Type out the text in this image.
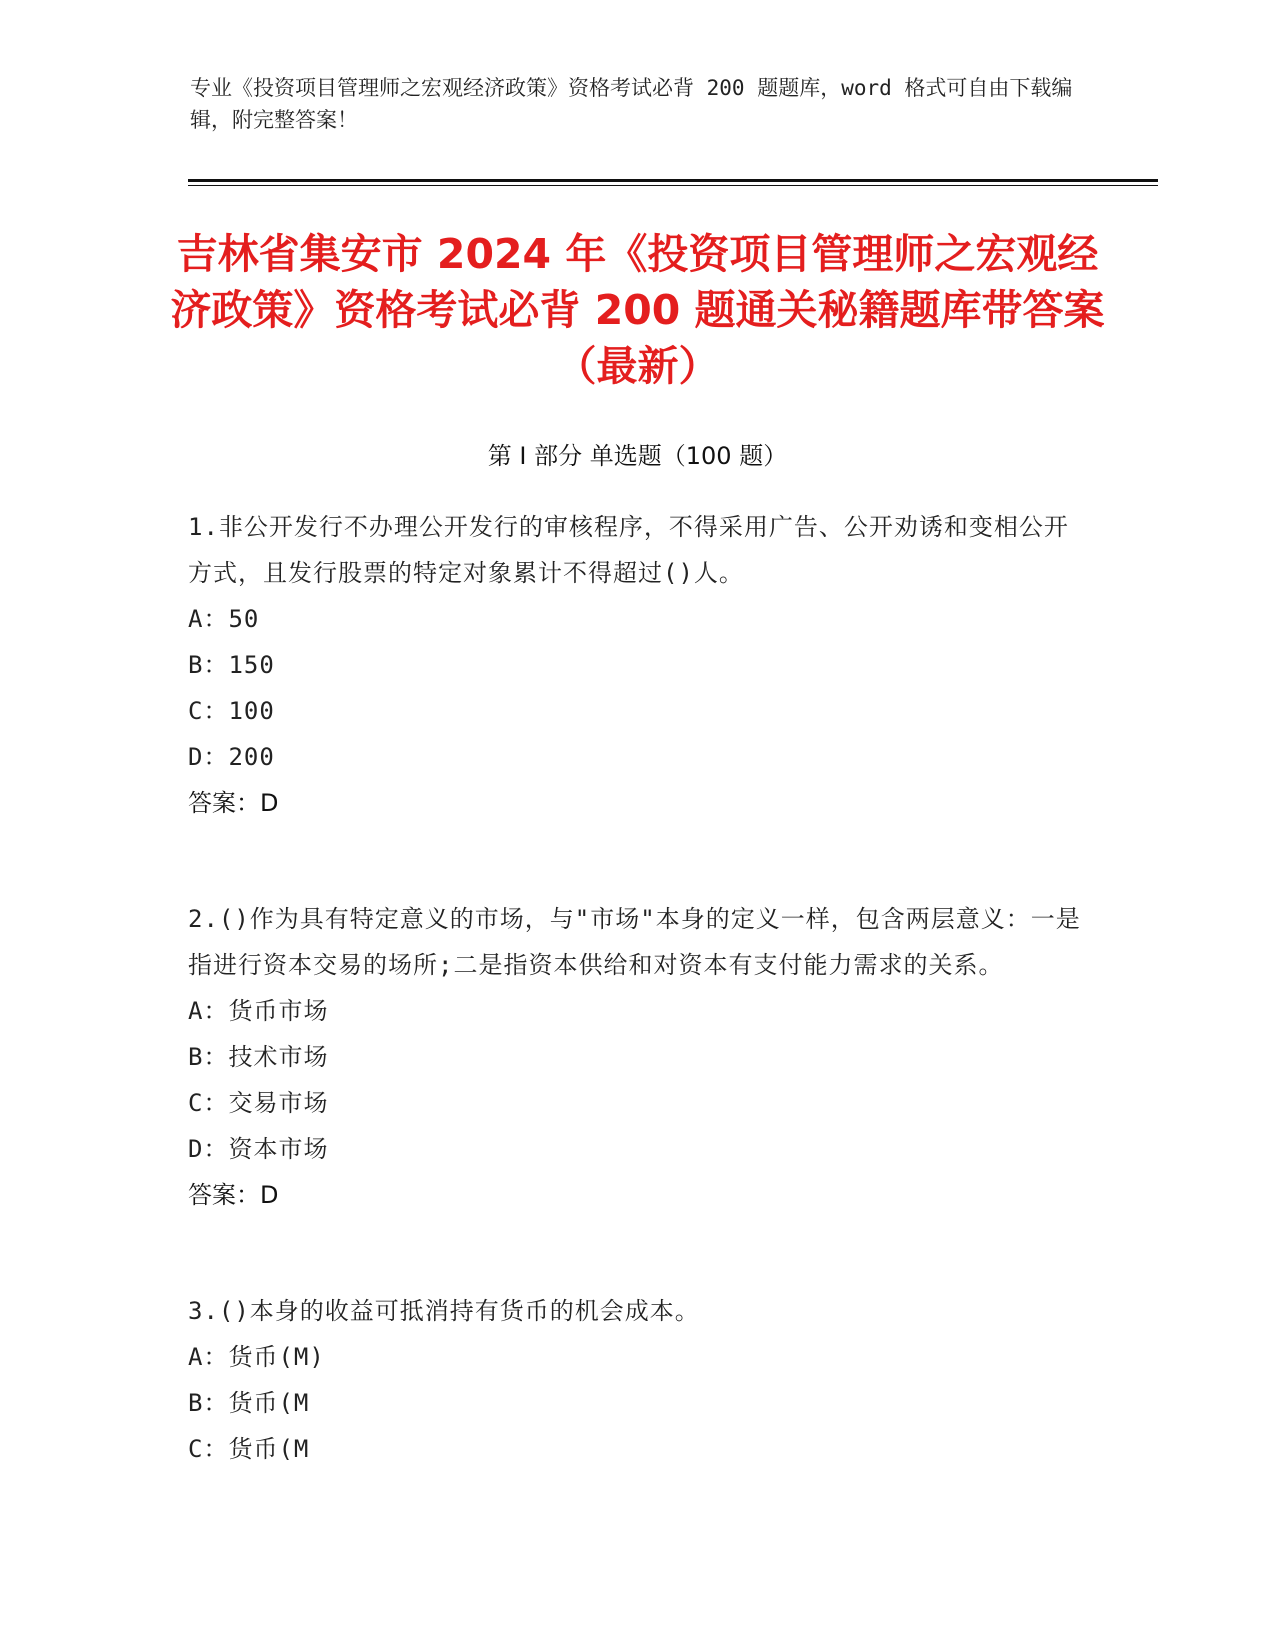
专业《投资项目管理师之宏观经济政策》资格考试必背 200 题题库，word 格式可自由下载编辑，附完整答案！
吉林省集安市 2024 年《投资项目管理师之宏观经济政策》资格考试必背 200 题通关秘籍题库带答案（最新）
第 I 部分 单选题（100 题）
1.非公开发行不办理公开发行的审核程序，不得采用广告、公开劝诱和变相公开方式，且发行股票的特定对象累计不得超过()人。
A：50
B：150
C：100
D：200
答案：D
2.()作为具有特定意义的市场，与"市场"本身的定义一样，包含两层意义：一是指进行资本交易的场所;二是指资本供给和对资本有支付能力需求的关系。
A：货币市场
B：技术市场
C：交易市场
D：资本市场
答案：D
3.()本身的收益可抵消持有货币的机会成本。
A：货币(M)
B：货币(M
C：货币(M
